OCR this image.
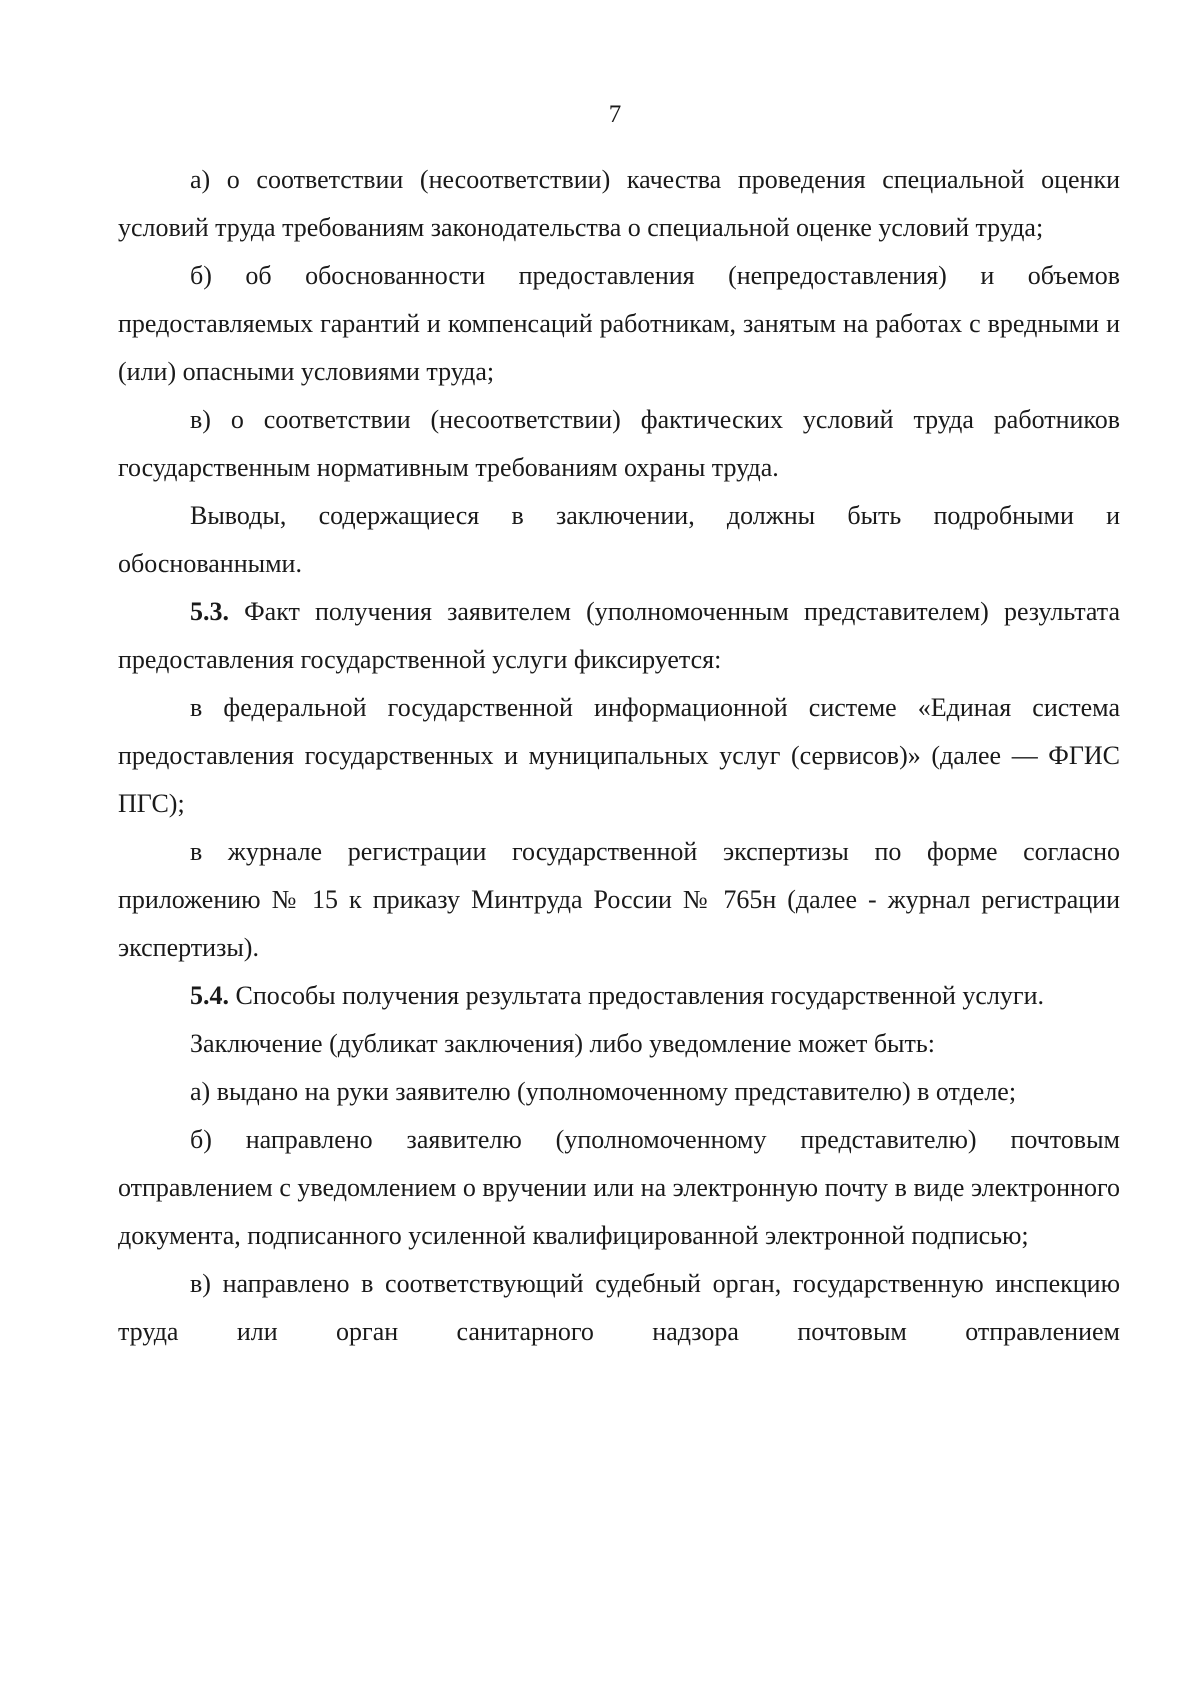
7

а) о соответствии (несоответствии) качества проведения специальной оценки условий труда требованиям законодательства о специальной оценке условий труда;

б) об обоснованности предоставления (непредоставления) и объемов предоставляемых гарантий и компенсаций работникам, занятым на работах с вредными и (или) опасными условиями труда;

в) о соответствии (несоответствии) фактических условий труда работников государственным нормативным требованиям охраны труда.

Выводы, содержащиеся в заключении, должны быть подробными и обоснованными.

5.3. Факт получения заявителем (уполномоченным представителем) результата предоставления государственной услуги фиксируется:

в федеральной государственной информационной системе «Единая система предоставления государственных и муниципальных услуг (сервисов)» (далее — ФГИС ПГС);

в журнале регистрации государственной экспертизы по форме согласно приложению № 15 к приказу Минтруда России № 765н (далее - журнал регистрации экспертизы).

5.4. Способы получения результата предоставления государственной услуги.

Заключение (дубликат заключения) либо уведомление может быть:

а) выдано на руки заявителю (уполномоченному представителю) в отделе;

б) направлено заявителю (уполномоченному представителю) почтовым отправлением с уведомлением о вручении или на электронную почту в виде электронного документа, подписанного усиленной квалифицированной электронной подписью;

в) направлено в соответствующий судебный орган, государственную инспекцию труда или орган санитарного надзора почтовым отправлением
